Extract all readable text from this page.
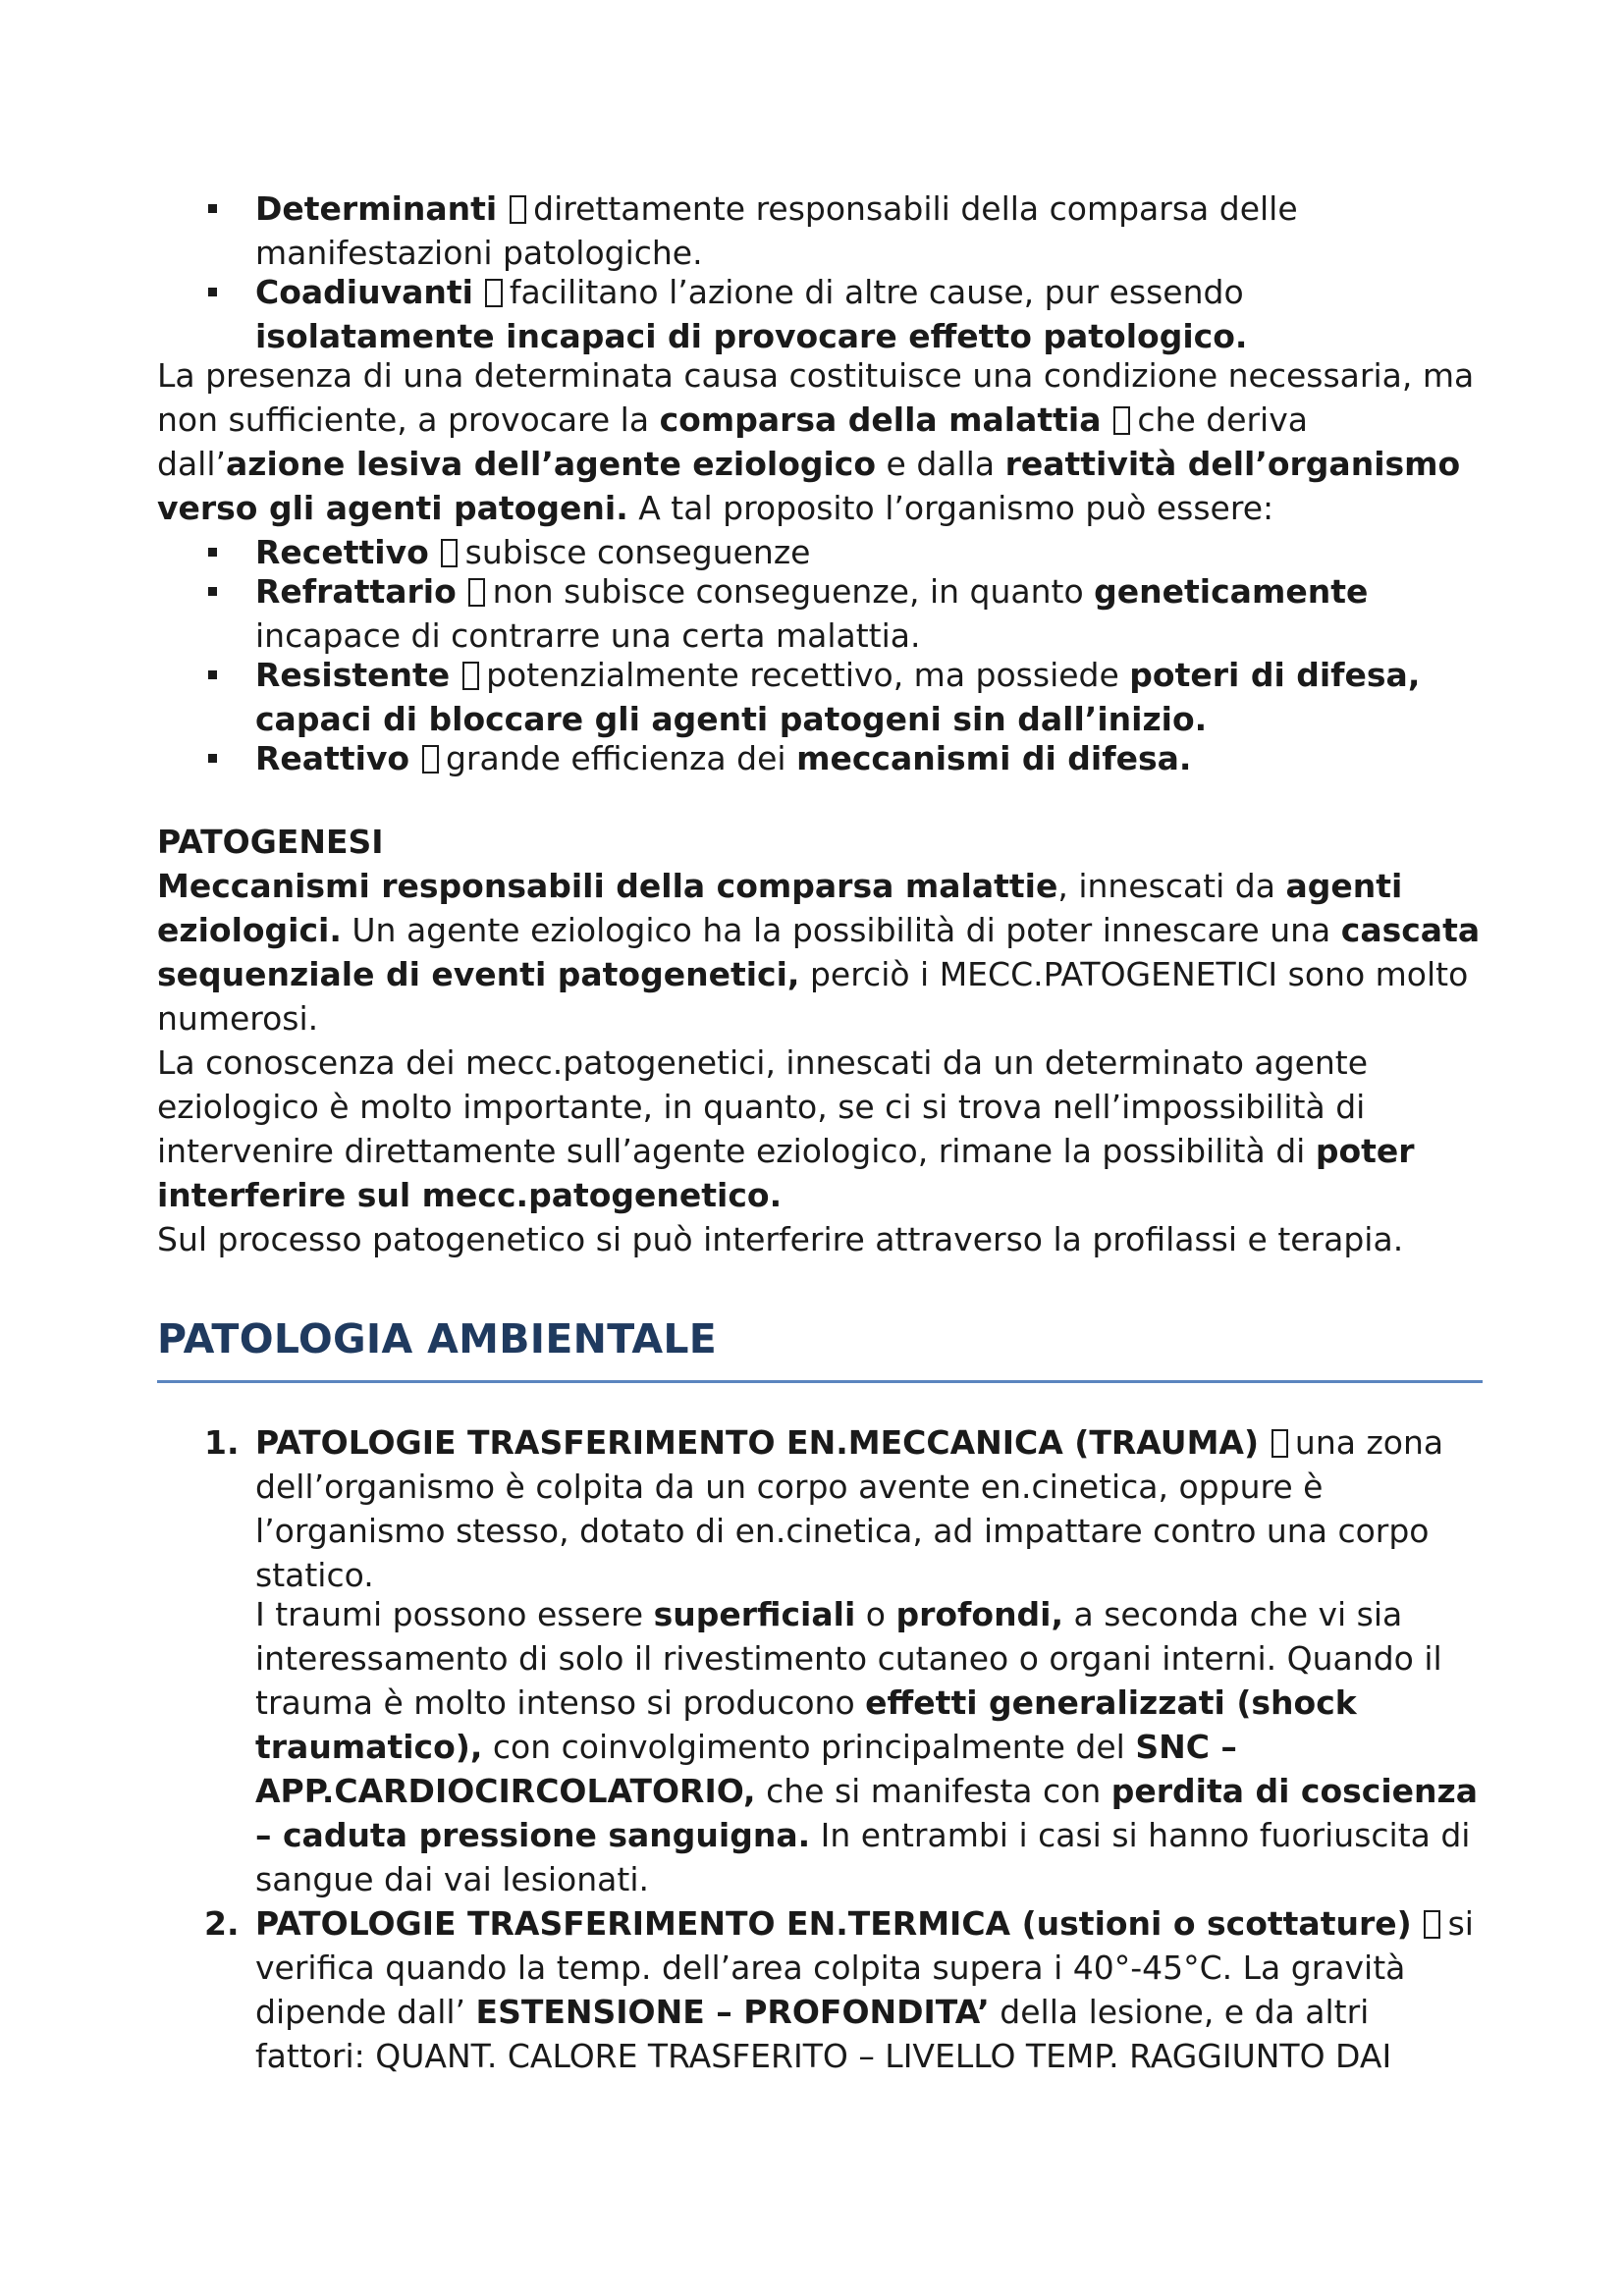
Determinanti direttamente responsabili della comparsa delle manifestazioni patologiche.
Coadiuvanti facilitano l’azione di altre cause, pur essendo isolatamente incapaci di provocare effetto patologico.

La presenza di una determinata causa costituisce una condizione necessaria, ma non sufficiente, a provocare la comparsa della malattia che deriva dall’azione lesiva dell’agente eziologico e dalla reattività dell’organismo verso gli agenti patogeni. A tal proposito l’organismo può essere:

Recettivo subisce conseguenze
Refrattario non subisce conseguenze, in quanto geneticamente incapace di contrarre una certa malattia.
Resistente potenzialmente recettivo, ma possiede poteri di difesa, capaci di bloccare gli agenti patogeni sin dall’inizio.
Reattivo grande efficienza dei meccanismi di difesa.

PATOGENESI

Meccanismi responsabili della comparsa malattie, innescati da agenti eziologici. Un agente eziologico ha la possibilità di poter innescare una cascata sequenziale di eventi patogenetici, perciò i MECC.PATOGENETICI sono molto numerosi.

La conoscenza dei mecc.patogenetici, innescati da un determinato agente eziologico è molto importante, in quanto, se ci si trova nell’impossibilità di intervenire direttamente sull’agente eziologico, rimane la possibilità di poter interferire sul mecc.patogenetico.

Sul processo patogenetico si può interferire attraverso la profilassi e terapia.

PATOLOGIA AMBIENTALE
1. PATOLOGIE TRASFERIMENTO EN.MECCANICA (TRAUMA) una zona dell’organismo è colpita da un corpo avente en.cinetica, oppure è l’organismo stesso, dotato di en.cinetica, ad impattare contro una corpo statico.

I traumi possono essere superficiali o profondi, a seconda che vi sia interessamento di solo il rivestimento cutaneo o organi interni. Quando il trauma è molto intenso si producono effetti generalizzati (shock traumatico), con coinvolgimento principalmente del SNC – APP.CARDIOCIRCOLATORIO, che si manifesta con perdita di coscienza – caduta pressione sanguigna. In entrambi i casi si hanno fuoriuscita di sangue dai vai lesionati.

2. PATOLOGIE TRASFERIMENTO EN.TERMICA (ustioni o scottature) si verifica quando la temp. dell’area colpita supera i 40°-45°C. La gravità dipende dall’ ESTENSIONE – PROFONDITA’ della lesione, e da altri fattori: QUANT. CALORE TRASFERITO – LIVELLO TEMP. RAGGIUNTO DAI
